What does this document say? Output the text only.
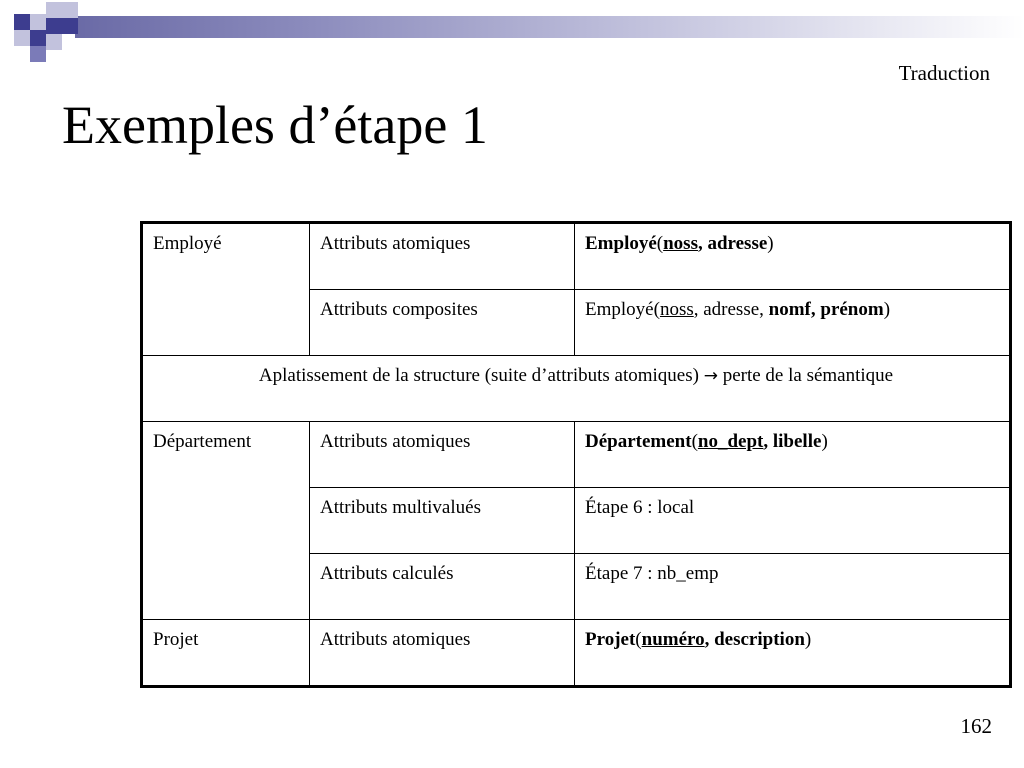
Traduction
Exemples d’étape 1
Employé	Attributs atomiques	Employé(noss, adresse)
	Attributs composites	Employé(noss, adresse, nomf, prénom)
Aplatissement de la structure (suite d’attributs atomiques) → perte de la sémantique		
Département	Attributs atomiques	Département(no_dept, libelle)
	Attributs multivalués	Étape 6 : local
	Attributs calculés	Étape 7 : nb_emp
Projet	Attributs atomiques	Projet(numéro, description)
162
